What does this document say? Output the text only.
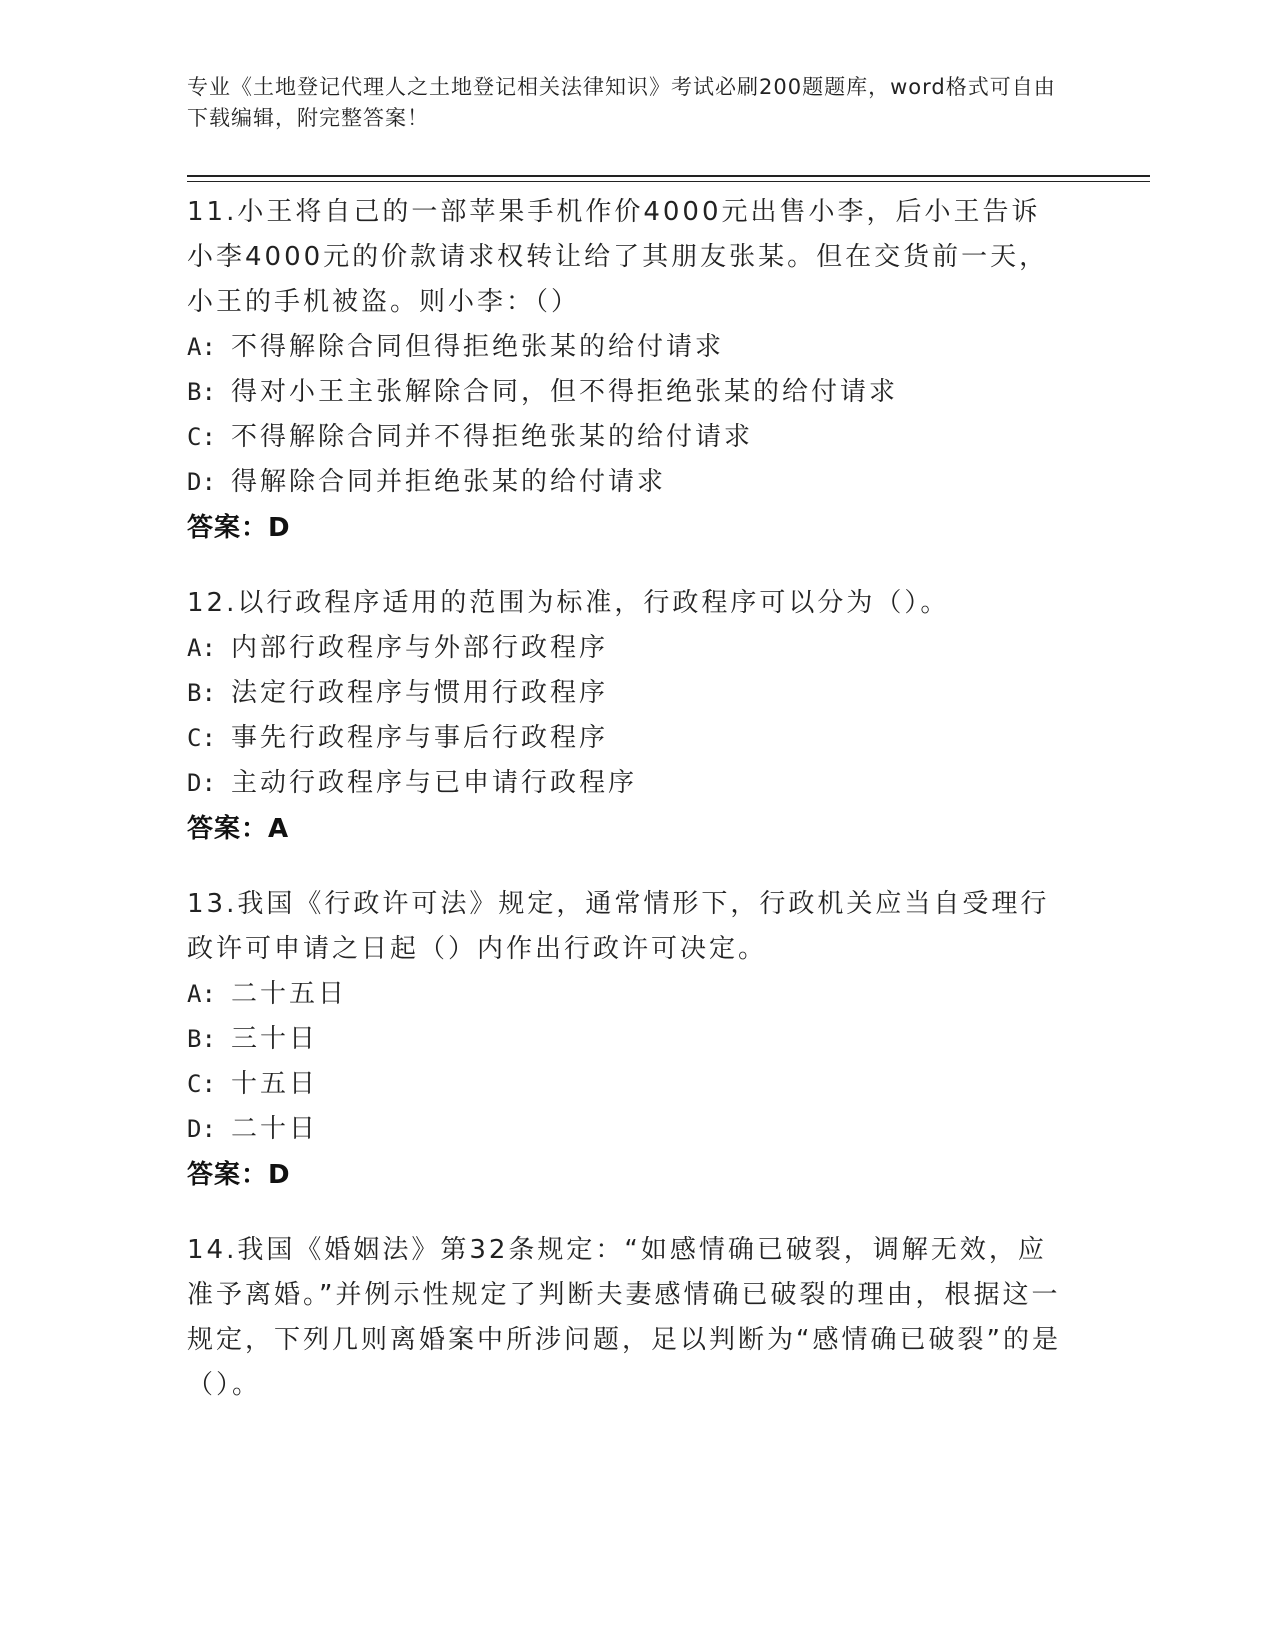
专业《土地登记代理人之土地登记相关法律知识》考试必刷200题题库，word格式可自由下载编辑，附完整答案！
11.小王将自己的一部苹果手机作价4000元出售小李，后小王告诉小李4000元的价款请求权转让给了其朋友张某。但在交货前一天，小王的手机被盗。则小李：（）
A: 不得解除合同但得拒绝张某的给付请求
B: 得对小王主张解除合同，但不得拒绝张某的给付请求
C: 不得解除合同并不得拒绝张某的给付请求
D: 得解除合同并拒绝张某的给付请求
答案：D
12.以行政程序适用的范围为标准，行政程序可以分为（）。
A: 内部行政程序与外部行政程序
B: 法定行政程序与惯用行政程序
C: 事先行政程序与事后行政程序
D: 主动行政程序与已申请行政程序
答案：A
13.我国《行政许可法》规定，通常情形下，行政机关应当自受理行政许可申请之日起（）内作出行政许可决定。
A: 二十五日
B: 三十日
C: 十五日
D: 二十日
答案：D
14.我国《婚姻法》第32条规定：“如感情确已破裂，调解无效，应准予离婚。”并例示性规定了判断夫妻感情确已破裂的理由，根据这一规定，下列几则离婚案中所涉问题，足以判断为“感情确已破裂”的是（）。
